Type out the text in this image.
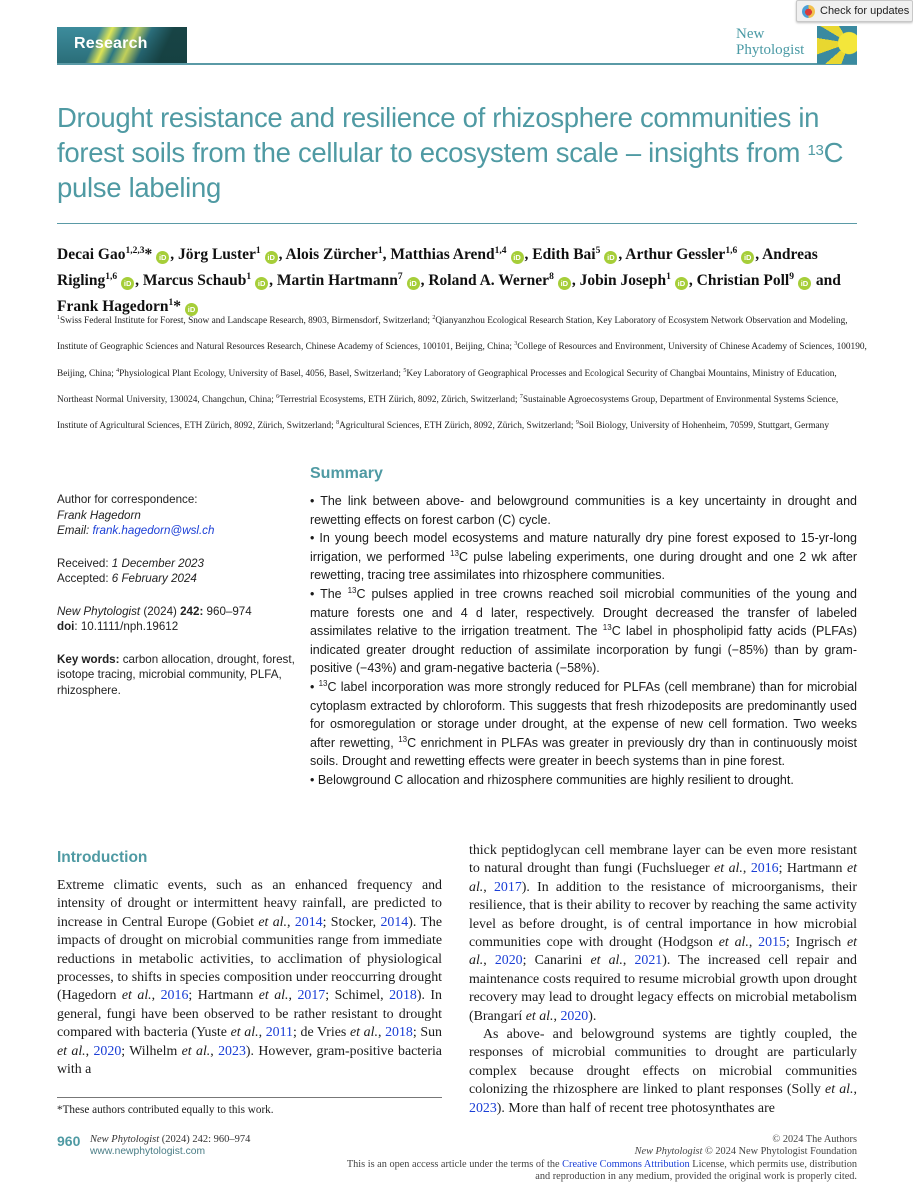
Check for updates
Research
New
Phytologist
Drought resistance and resilience of rhizosphere communities in forest soils from the cellular to ecosystem scale – insights from $^{13}$C pulse labeling
Decai Gao$^{1,2,3}$* iD , Jörg Luster$^1$iD , Alois Zürcher$^1$, Matthias Arend$^{1,4}$iD , Edith Bai$^5$iD , Arthur Gessler$^{1,6}$iD , Andreas Rigling$^{1,6}$iD , Marcus Schaub$^1$iD , Martin Hartmann$^7$iD , Roland A. Werner$^8$iD , Jobin Joseph$^1$iD , Christian Poll$^9$iD and Frank Hagedorn$^1$* iD
$^1$Swiss Federal Institute for Forest, Snow and Landscape Research, 8903, Birmensdorf, Switzerland; $^2$Qianyanzhou Ecological Research Station, Key Laboratory of Ecosystem Network Observation and Modeling, Institute of Geographic Sciences and Natural Resources Research, Chinese Academy of Sciences, 100101, Beijing, China; $^3$College of Resources and Environment, University of Chinese Academy of Sciences, 100190, Beijing, China; $^4$Physiological Plant Ecology, University of Basel, 4056, Basel, Switzerland; $^5$Key Laboratory of Geographical Processes and Ecological Security of Changbai Mountains, Ministry of Education, Northeast Normal University, 130024, Changchun, China; $^6$Terrestrial Ecosystems, ETH Zürich, 8092, Zürich, Switzerland; $^7$Sustainable Agroecosystems Group, Department of Environmental Systems Science, Institute of Agricultural Sciences, ETH Zürich, 8092, Zürich, Switzerland; $^8$Agricultural Sciences, ETH Zürich, 8092, Zürich, Switzerland; $^9$Soil Biology, University of Hohenheim, 70599, Stuttgart, Germany
Author for correspondence:
Frank Hagedorn
Email: frank.hagedorn@wsl.ch
Received: 1 December 2023
Accepted: 6 February 2024
New Phytologist (2024) 242: 960–974
doi: 10.1111/nph.19612
Key words: carbon allocation, drought, forest, isotope tracing, microbial community, PLFA, rhizosphere.
Summary

• The link between above- and belowground communities is a key uncertainty in drought and rewetting effects on forest carbon (C) cycle.

• In young beech model ecosystems and mature naturally dry pine forest exposed to 15-yr-long irrigation, we performed $^{13}$C pulse labeling experiments, one during drought and one 2 wk after rewetting, tracing tree assimilates into rhizosphere communities.

• The $^{13}$C pulses applied in tree crowns reached soil microbial communities of the young and mature forests one and 4 d later, respectively. Drought decreased the transfer of labeled assimilates relative to the irrigation treatment. The $^{13}$C label in phospholipid fatty acids (PLFAs) indicated greater drought reduction of assimilate incorporation by fungi (−85%) than by gram-positive (−43%) and gram-negative bacteria (−58%).

• $^{13}$C label incorporation was more strongly reduced for PLFAs (cell membrane) than for microbial cytoplasm extracted by chloroform. This suggests that fresh rhizodeposits are predominantly used for osmoregulation or storage under drought, at the expense of new cell formation. Two weeks after rewetting, $^{13}$C enrichment in PLFAs was greater in previously dry than in continuously moist soils. Drought and rewetting effects were greater in beech systems than in pine forest.

• Belowground C allocation and rhizosphere communities are highly resilient to drought.

Introduction

Extreme climatic events, such as an enhanced frequency and intensity of drought or intermittent heavy rainfall, are predicted to increase in Central Europe (Gobiet et al., 2014; Stocker, 2014). The impacts of drought on microbial communities range from immediate reductions in metabolic activities, to acclimation of physiological processes, to shifts in species composition under reoccurring drought (Hagedorn et al., 2016; Hartmann et al., 2017; Schimel, 2018). In general, fungi have been observed to be rather resistant to drought compared with bacteria (Yuste et al., 2011; de Vries et al., 2018; Sun et al., 2020; Wilhelm et al., 2023). However, gram-positive bacteria with a

thick peptidoglycan cell membrane layer can be even more resistant to natural drought than fungi (Fuchslueger et al., 2016; Hartmann et al., 2017). In addition to the resistance of microorganisms, their resilience, that is their ability to recover by reaching the same activity level as before drought, is of central importance in how microbial communities cope with drought (Hodgson et al., 2015; Ingrisch et al., 2020; Canarini et al., 2021). The increased cell repair and maintenance costs required to resume microbial growth upon drought recovery may lead to drought legacy effects on microbial metabolism (Brangarí et al., 2020).

As above- and belowground systems are tightly coupled, the responses of microbial communities to drought are particularly complex because drought effects on microbial communities colonizing the rhizosphere are linked to plant responses (Solly et al., 2023). More than half of recent tree photosynthates are

*These authors contributed equally to this work.
960 New Phytologist (2024) 242: 960–974
www.newphytologist.com
© 2024 The Authors
New Phytologist © 2024 New Phytologist Foundation
This is an open access article under the terms of the Creative Commons Attribution License, which permits use, distribution and reproduction in any medium, provided the original work is properly cited.
